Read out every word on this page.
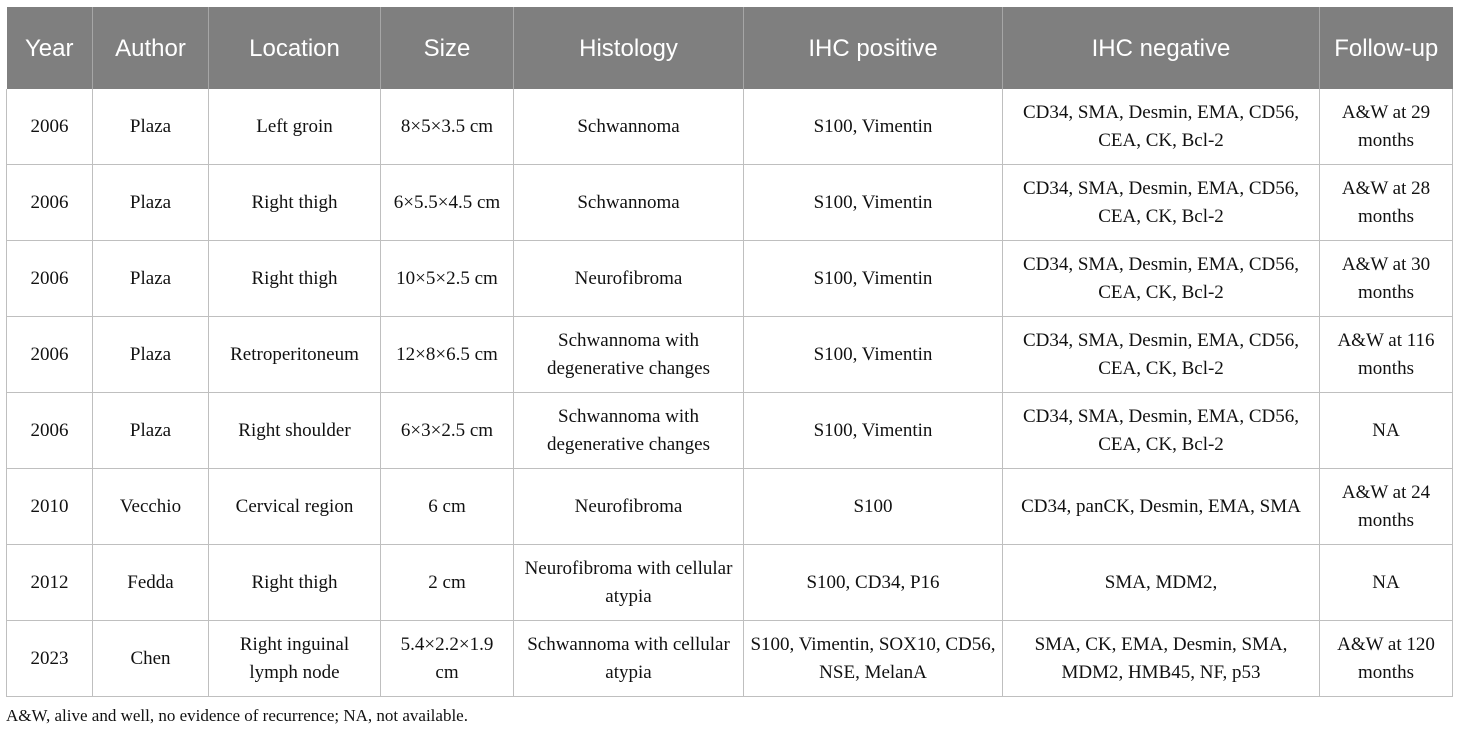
Year	Author	Location	Size	Histology	IHC positive	IHC negative	Follow-up
2006	Plaza	Left groin	8×5×3.5 cm	Schwannoma	S100, Vimentin	CD34, SMA, Desmin, EMA, CD56, CEA, CK, Bcl-2	A&W at 29 months
2006	Plaza	Right thigh	6×5.5×4.5 cm	Schwannoma	S100, Vimentin	CD34, SMA, Desmin, EMA, CD56, CEA, CK, Bcl-2	A&W at 28 months
2006	Plaza	Right thigh	10×5×2.5 cm	Neurofibroma	S100, Vimentin	CD34, SMA, Desmin, EMA, CD56, CEA, CK, Bcl-2	A&W at 30 months
2006	Plaza	Retroperitoneum	12×8×6.5 cm	Schwannoma with degenerative changes	S100, Vimentin	CD34, SMA, Desmin, EMA, CD56, CEA, CK, Bcl-2	A&W at 116 months
2006	Plaza	Right shoulder	6×3×2.5 cm	Schwannoma with degenerative changes	S100, Vimentin	CD34, SMA, Desmin, EMA, CD56, CEA, CK, Bcl-2	NA
2010	Vecchio	Cervical region	6 cm	Neurofibroma	S100	CD34, panCK, Desmin, EMA, SMA	A&W at 24 months
2012	Fedda	Right thigh	2 cm	Neurofibroma with cellular atypia	S100, CD34, P16	SMA, MDM2,	NA
2023	Chen	Right inguinal lymph node	5.4×2.2×1.9 cm	Schwannoma with cellular atypia	S100, Vimentin, SOX10, CD56, NSE, MelanA	SMA, CK, EMA, Desmin, SMA, MDM2, HMB45, NF, p53	A&W at 120 months
A&W, alive and well, no evidence of recurrence; NA, not available.
